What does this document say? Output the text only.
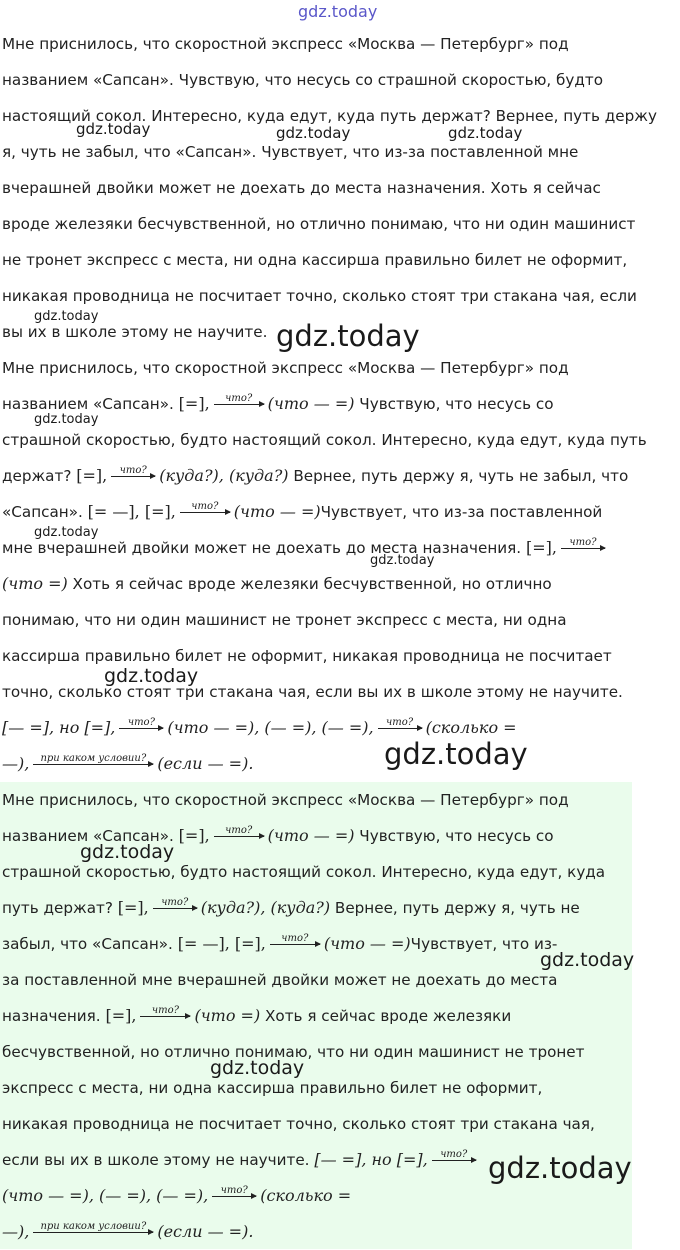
Мне приснилось, что скоростной экспресс «Москва — Петербург» под
названием «Сапсан». Чувствую, что несусь со страшной скоростью, будто
настоящий сокол. Интересно, куда едут, куда путь держат? Вернее, путь держу
я, чуть не забыл, что «Сапсан». Чувствует, что из-за поставленной мне
вчерашней двойки может не доехать до места назначения. Хоть я сейчас
вроде железяки бесчувственной, но отлично понимаю, что ни один машинист
не тронет экспресс с места, ни одна кассирша правильно билет не оформит,
никакая проводница не посчитает точно, сколько стоят три стакана чая, если
вы их в школе этому не научите.
Мне приснилось, что скоростной экспресс «Москва — Петербург» под
названием «Сапсан». [=],	что? (что — =) Чувствую, что несусь со
страшной скоростью, будто настоящий сокол. Интересно, куда едут, куда путь
держат? [=],	что? (куда?), (куда?) Вернее, путь держу я, чуть не забыл, что
«Сапсан». [= —], [=],	что? (что — =)Чувствует, что из-за поставленной
мне вчерашней двойки может не доехать до места назначения. [=],	что?
(что =) Хоть я сейчас вроде железяки бесчувственной, но отлично
понимаю, что ни один машинист не тронет экспресс с места, ни одна
кассирша правильно билет не оформит, никакая проводница не посчитает
точно, сколько стоят три стакана чая, если вы их в школе этому не научите.
[— =], но [=],	что? (что — =), (— =), (— =),	что? (сколько =
—),	при каком условии? (если — =).
Мне приснилось, что скоростной экспресс «Москва — Петербург» под
названием «Сапсан». [=],	что? (что — =) Чувствую, что несусь со
страшной скоростью, будто настоящий сокол. Интересно, куда едут, куда
путь держат? [=],	что? (куда?), (куда?) Вернее, путь держу я, чуть не
забыл, что «Сапсан». [= —], [=],	что? (что — =)Чувствует, что из-
за поставленной мне вчерашней двойки может не доехать до места
назначения. [=],	что? (что =) Хоть я сейчас вроде железяки
бесчувственной, но отлично понимаю, что ни один машинист не тронет
экспресс с места, ни одна кассирша правильно билет не оформит,
никакая проводница не посчитает точно, сколько стоят три стакана чая,
если вы их в школе этому не научите. [— =], но [=],	что?
(что — =), (— =), (— =),	что? (сколько =
—),	при каком условии? (если — =).
gdz.today
gdz.today	gdz.today	gdz.today
gdz.today
gdz.today
gdz.today
gdz.today
gdz.today
gdz.today
gdz.today
gdz.today
gdz.today
gdz.today
gdz.today
